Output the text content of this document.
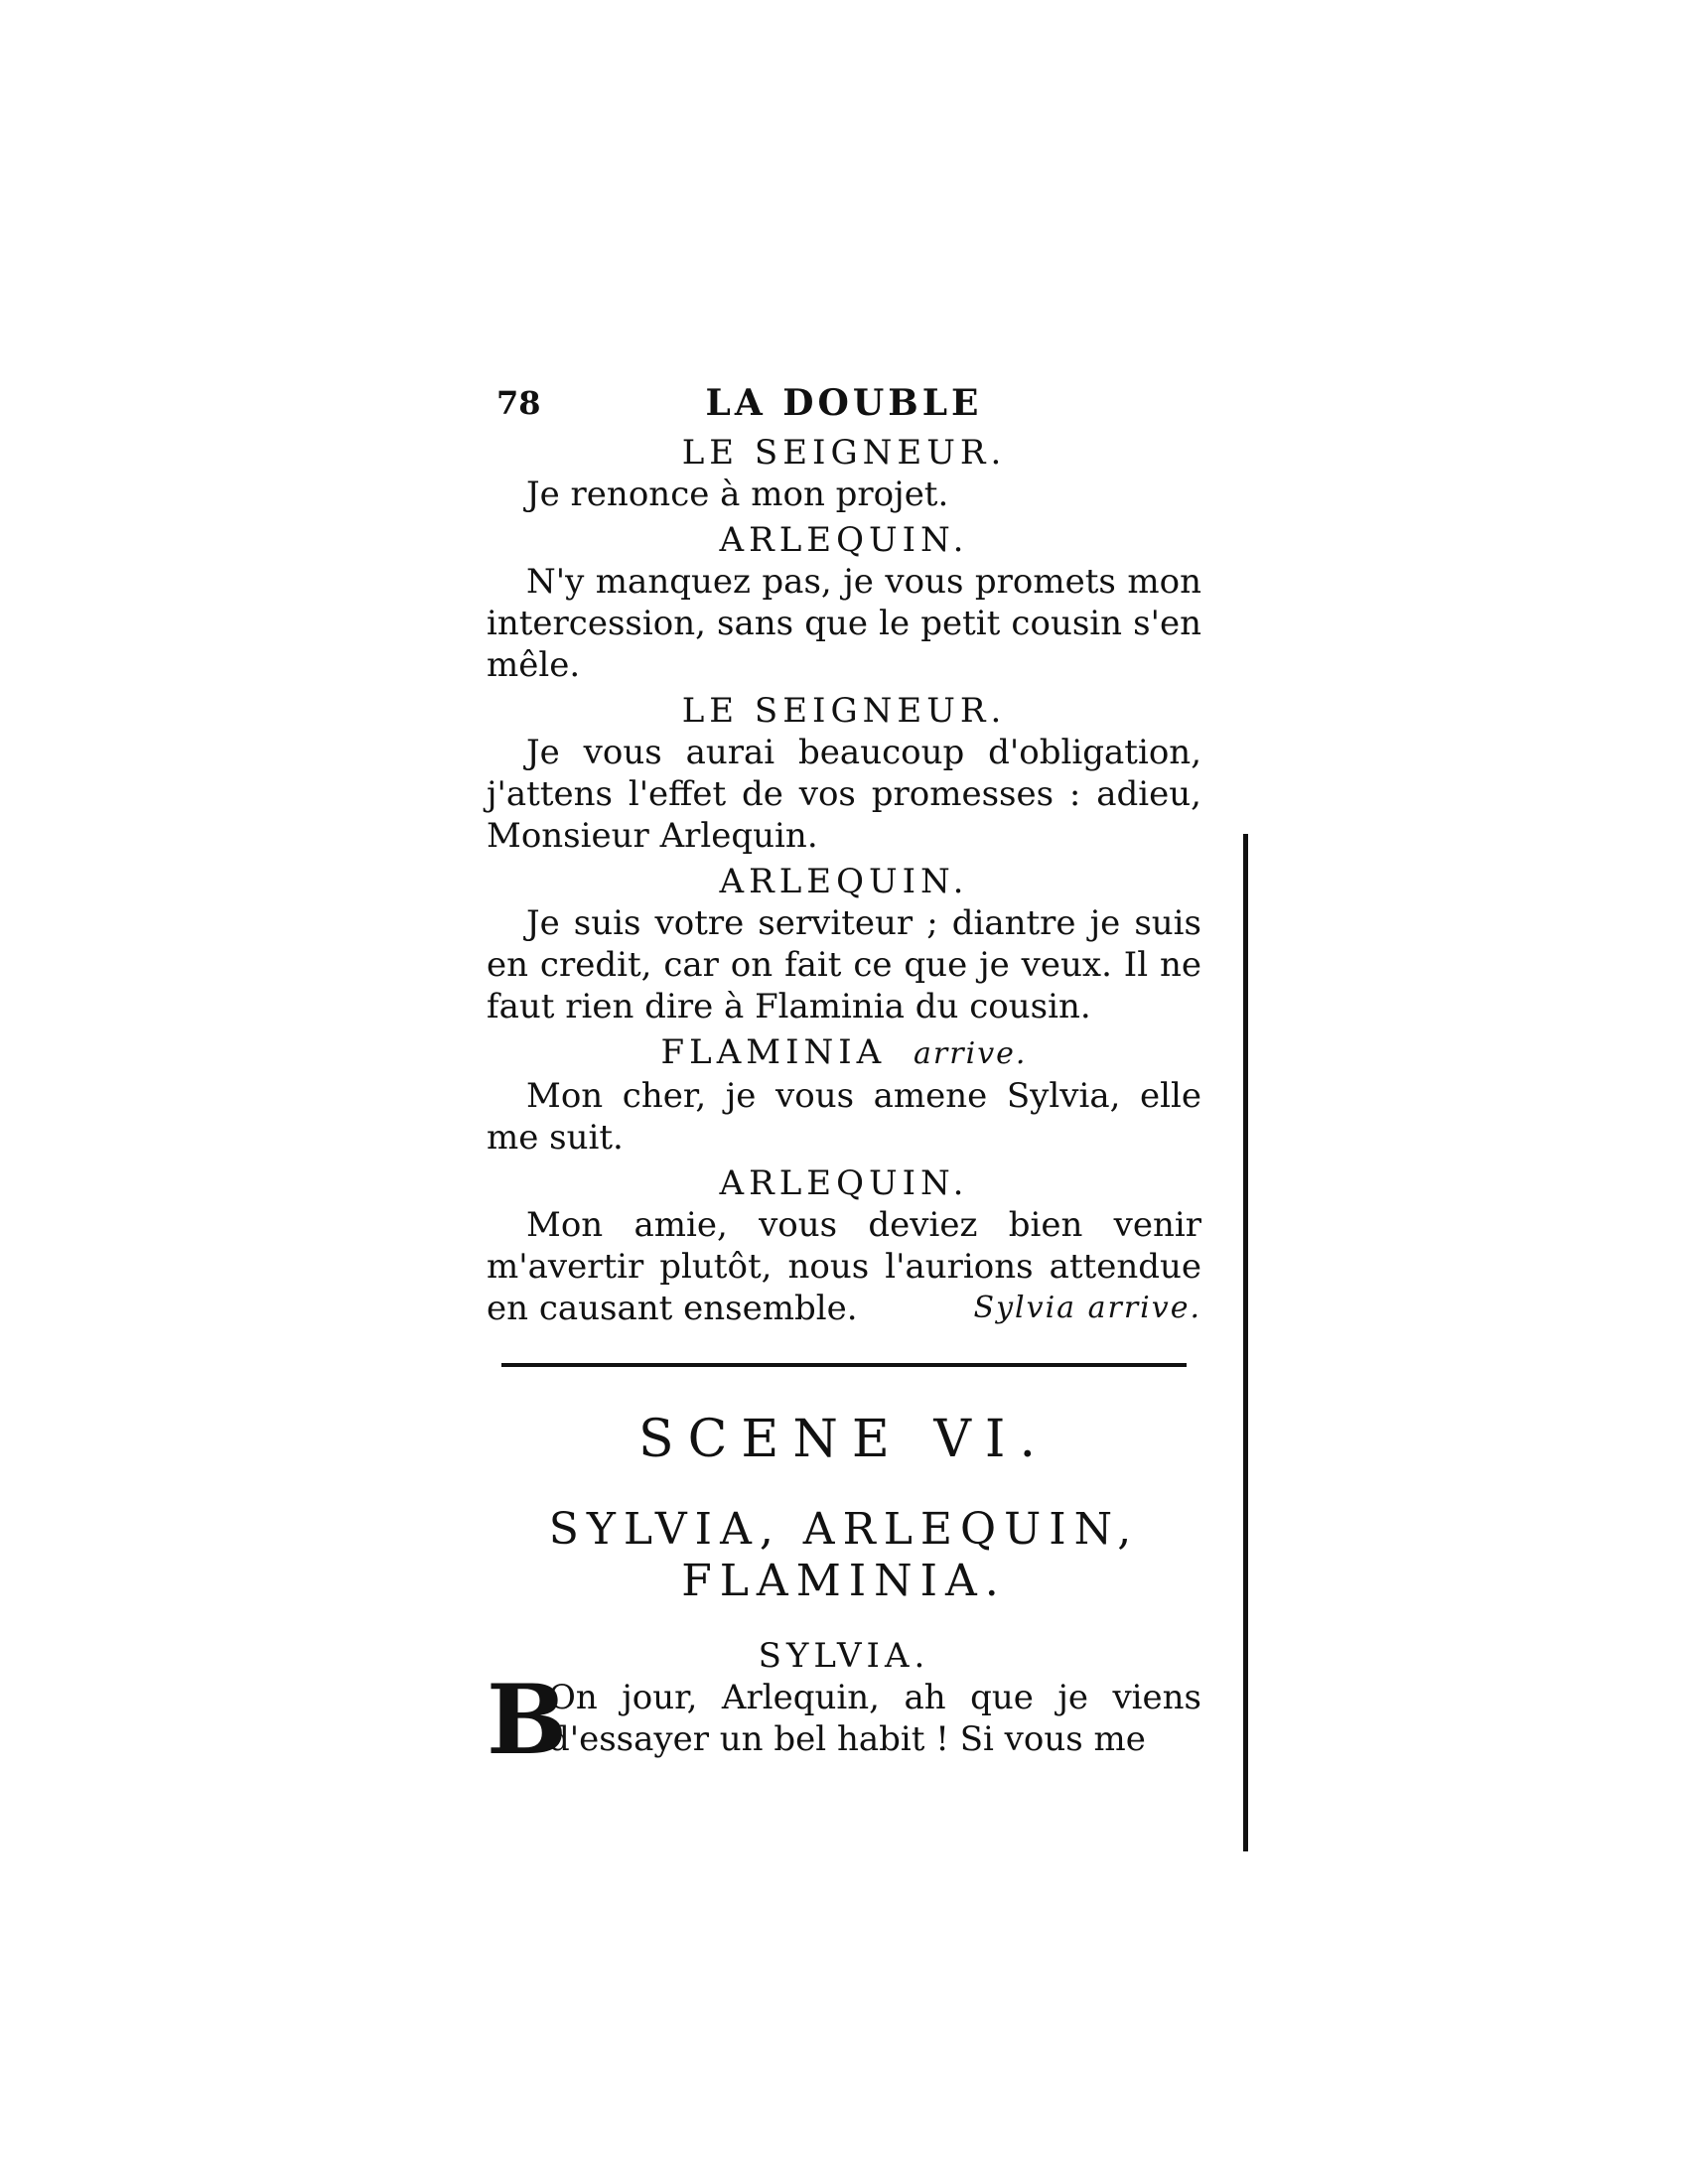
78	LA DOUBLE
LE SEIGNEUR.

Je renonce à mon projet.

ARLEQUIN.

N'y manquez pas, je vous promets mon intercession, sans que le petit cousin s'en mêle.

LE SEIGNEUR.

Je vous aurai beaucoup d'obligation, j'attens l'effet de vos promesses : adieu, Monsieur Arlequin.

ARLEQUIN.

Je suis votre serviteur ; diantre je suis en credit, car on fait ce que je veux. Il ne faut rien dire à Flaminia du cousin.

FLAMINIA arrive.

Mon cher, je vous amene Sylvia, elle me suit.

ARLEQUIN.

Mon amie, vous deviez bien venir m'avertir plutôt, nous l'aurions attendue en causant ensemble.	Sylvia arrive.

SCENE VI.
SYLVIA, ARLEQUIN,
FLAMINIA.
SYLVIA.
B
On jour, Arlequin, ah que je viens d'essayer un bel habit ! Si vous me
